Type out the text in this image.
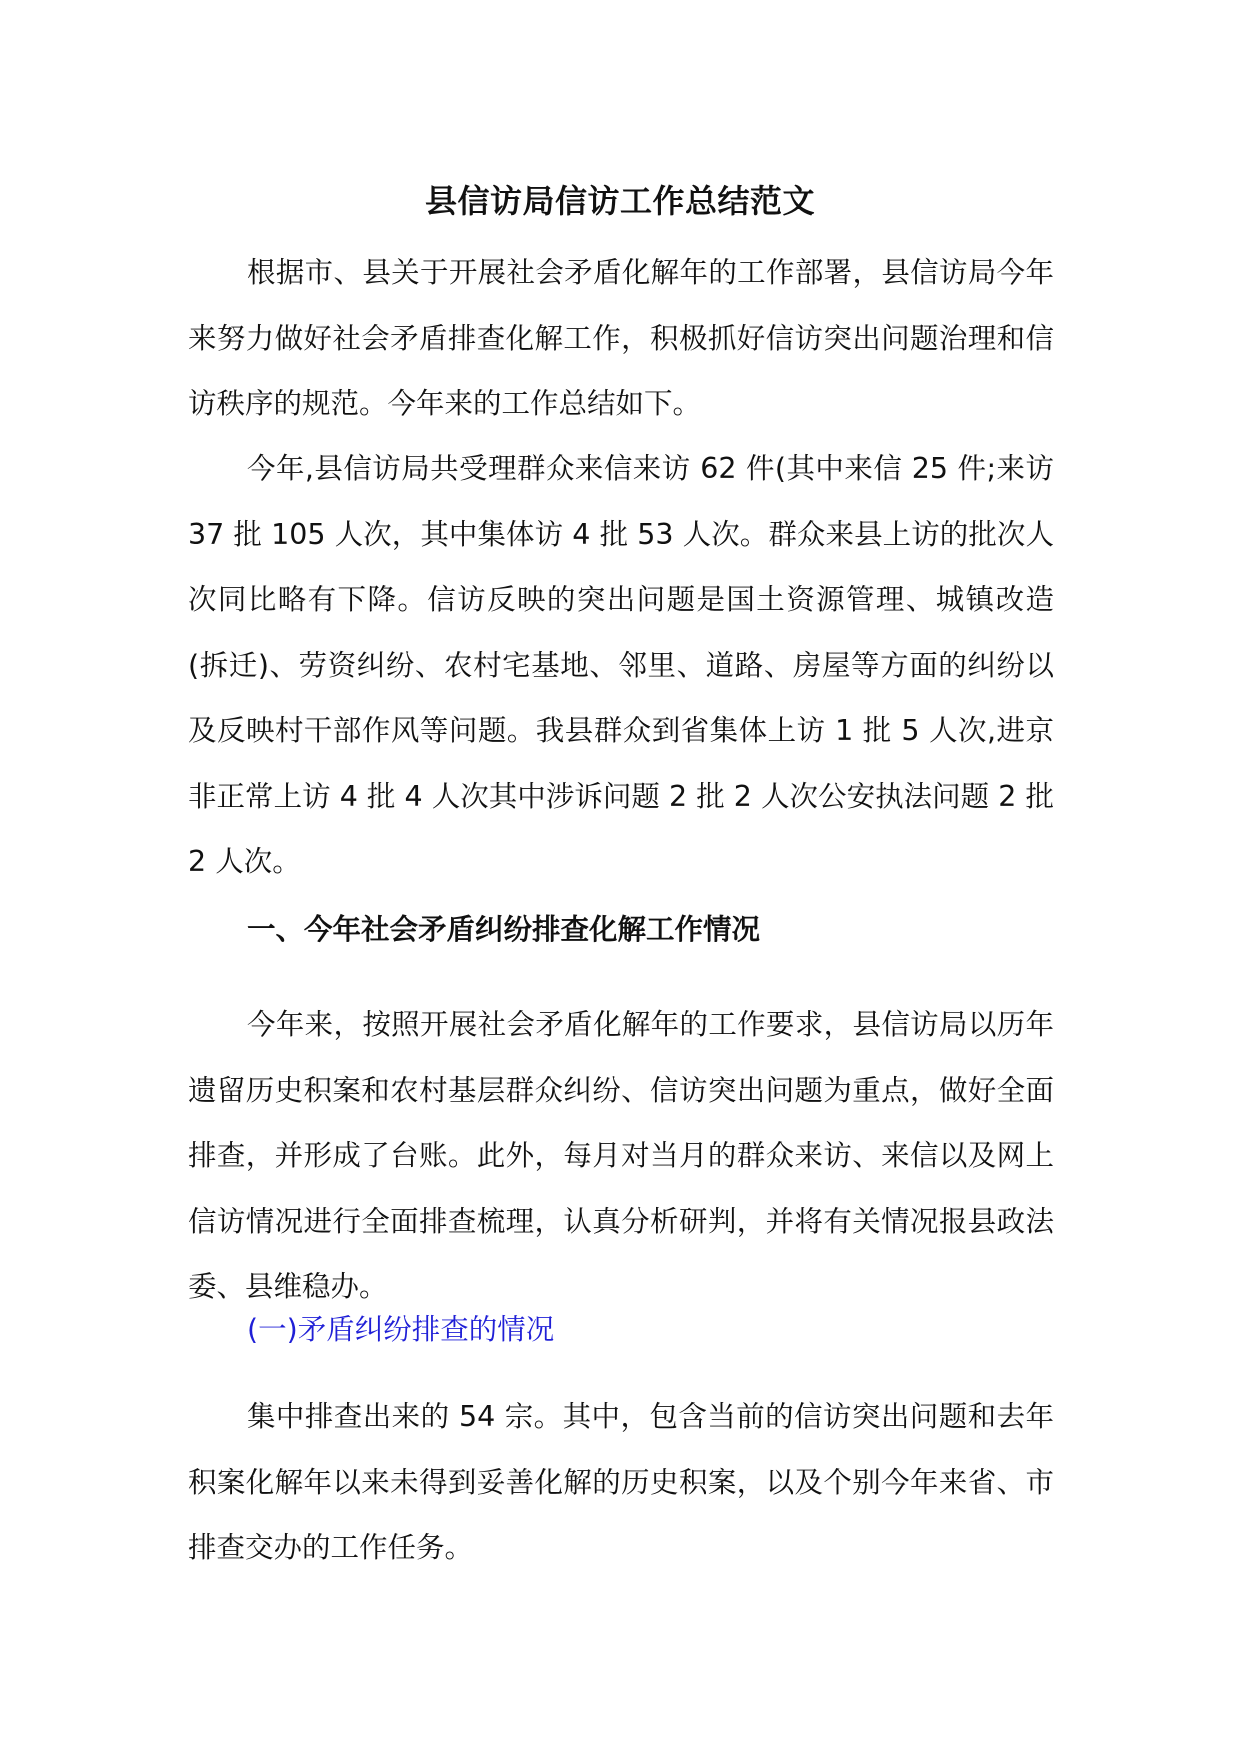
县信访局信访工作总结范文

根据市、县关于开展社会矛盾化解年的工作部署，县信访局今年来努力做好社会矛盾排查化解工作，积极抓好信访突出问题治理和信访秩序的规范。今年来的工作总结如下。

今年,县信访局共受理群众来信来访 62 件(其中来信 25 件;来访 37 批 105 人次，其中集体访 4 批 53 人次。群众来县上访的批次人次同比略有下降。信访反映的突出问题是国土资源管理、城镇改造(拆迁)、劳资纠纷、农村宅基地、邻里、道路、房屋等方面的纠纷以及反映村干部作风等问题。我县群众到省集体上访 1 批 5 人次,进京非正常上访 4 批 4 人次其中涉诉问题 2 批 2 人次公安执法问题 2 批 2 人次。

一、今年社会矛盾纠纷排查化解工作情况

今年来，按照开展社会矛盾化解年的工作要求，县信访局以历年遗留历史积案和农村基层群众纠纷、信访突出问题为重点，做好全面排查，并形成了台账。此外，每月对当月的群众来访、来信以及网上信访情况进行全面排查梳理，认真分析研判，并将有关情况报县政法委、县维稳办。

(一)矛盾纠纷排查的情况

集中排查出来的 54 宗。其中，包含当前的信访突出问题和去年积案化解年以来未得到妥善化解的历史积案，以及个别今年来省、市排查交办的工作任务。
